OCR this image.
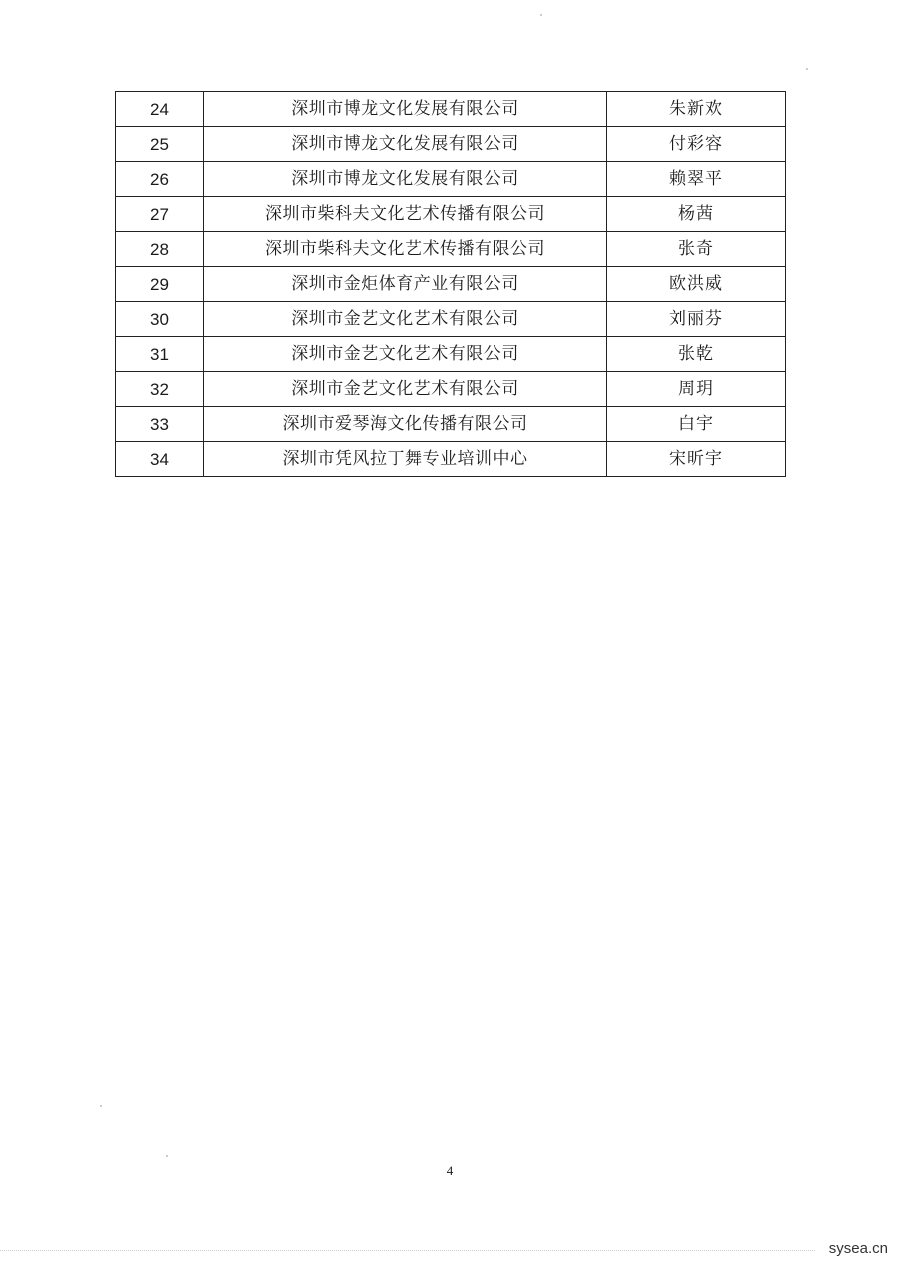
24	深圳市博龙文化发展有限公司	朱新欢
25	深圳市博龙文化发展有限公司	付彩容
26	深圳市博龙文化发展有限公司	赖翠平
27	深圳市柴科夫文化艺术传播有限公司	杨茜
28	深圳市柴科夫文化艺术传播有限公司	张奇
29	深圳市金炬体育产业有限公司	欧洪威
30	深圳市金艺文化艺术有限公司	刘丽芬
31	深圳市金艺文化艺术有限公司	张乾
32	深圳市金艺文化艺术有限公司	周玥
33	深圳市爱琴海文化传播有限公司	白宇
34	深圳市凭风拉丁舞专业培训中心	宋昕宇
4
sysea.cn
